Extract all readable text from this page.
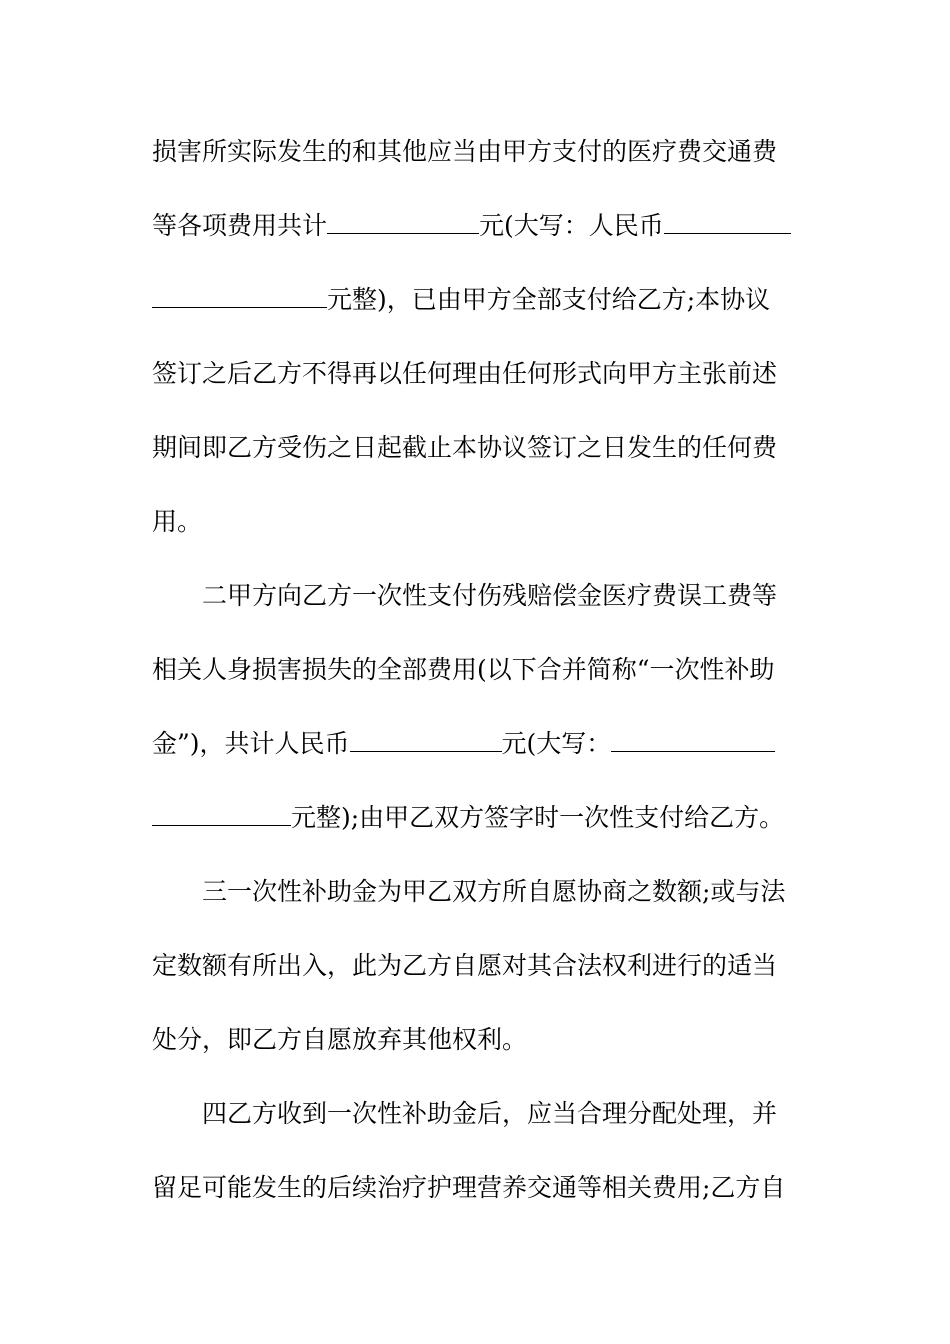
损害所实际发生的和其他应当由甲方支付的医疗费交通费
等各项费用共计	元(大写：人民币
元整)，已由甲方全部支付给乙方;本协议
签订之后乙方不得再以任何理由任何形式向甲方主张前述
期间即乙方受伤之日起截止本协议签订之日发生的任何费
用。
二甲方向乙方一次性支付伤残赔偿金医疗费误工费等
相关人身损害损失的全部费用(以下合并简称“一次性补助
金”)，共计人民币	元(大写：
元整);由甲乙双方签字时一次性支付给乙方。
三一次性补助金为甲乙双方所自愿协商之数额;或与法
定数额有所出入，此为乙方自愿对其合法权利进行的适当
处分，即乙方自愿放弃其他权利。
四乙方收到一次性补助金后，应当合理分配处理，并
留足可能发生的后续治疗护理营养交通等相关费用;乙方自
